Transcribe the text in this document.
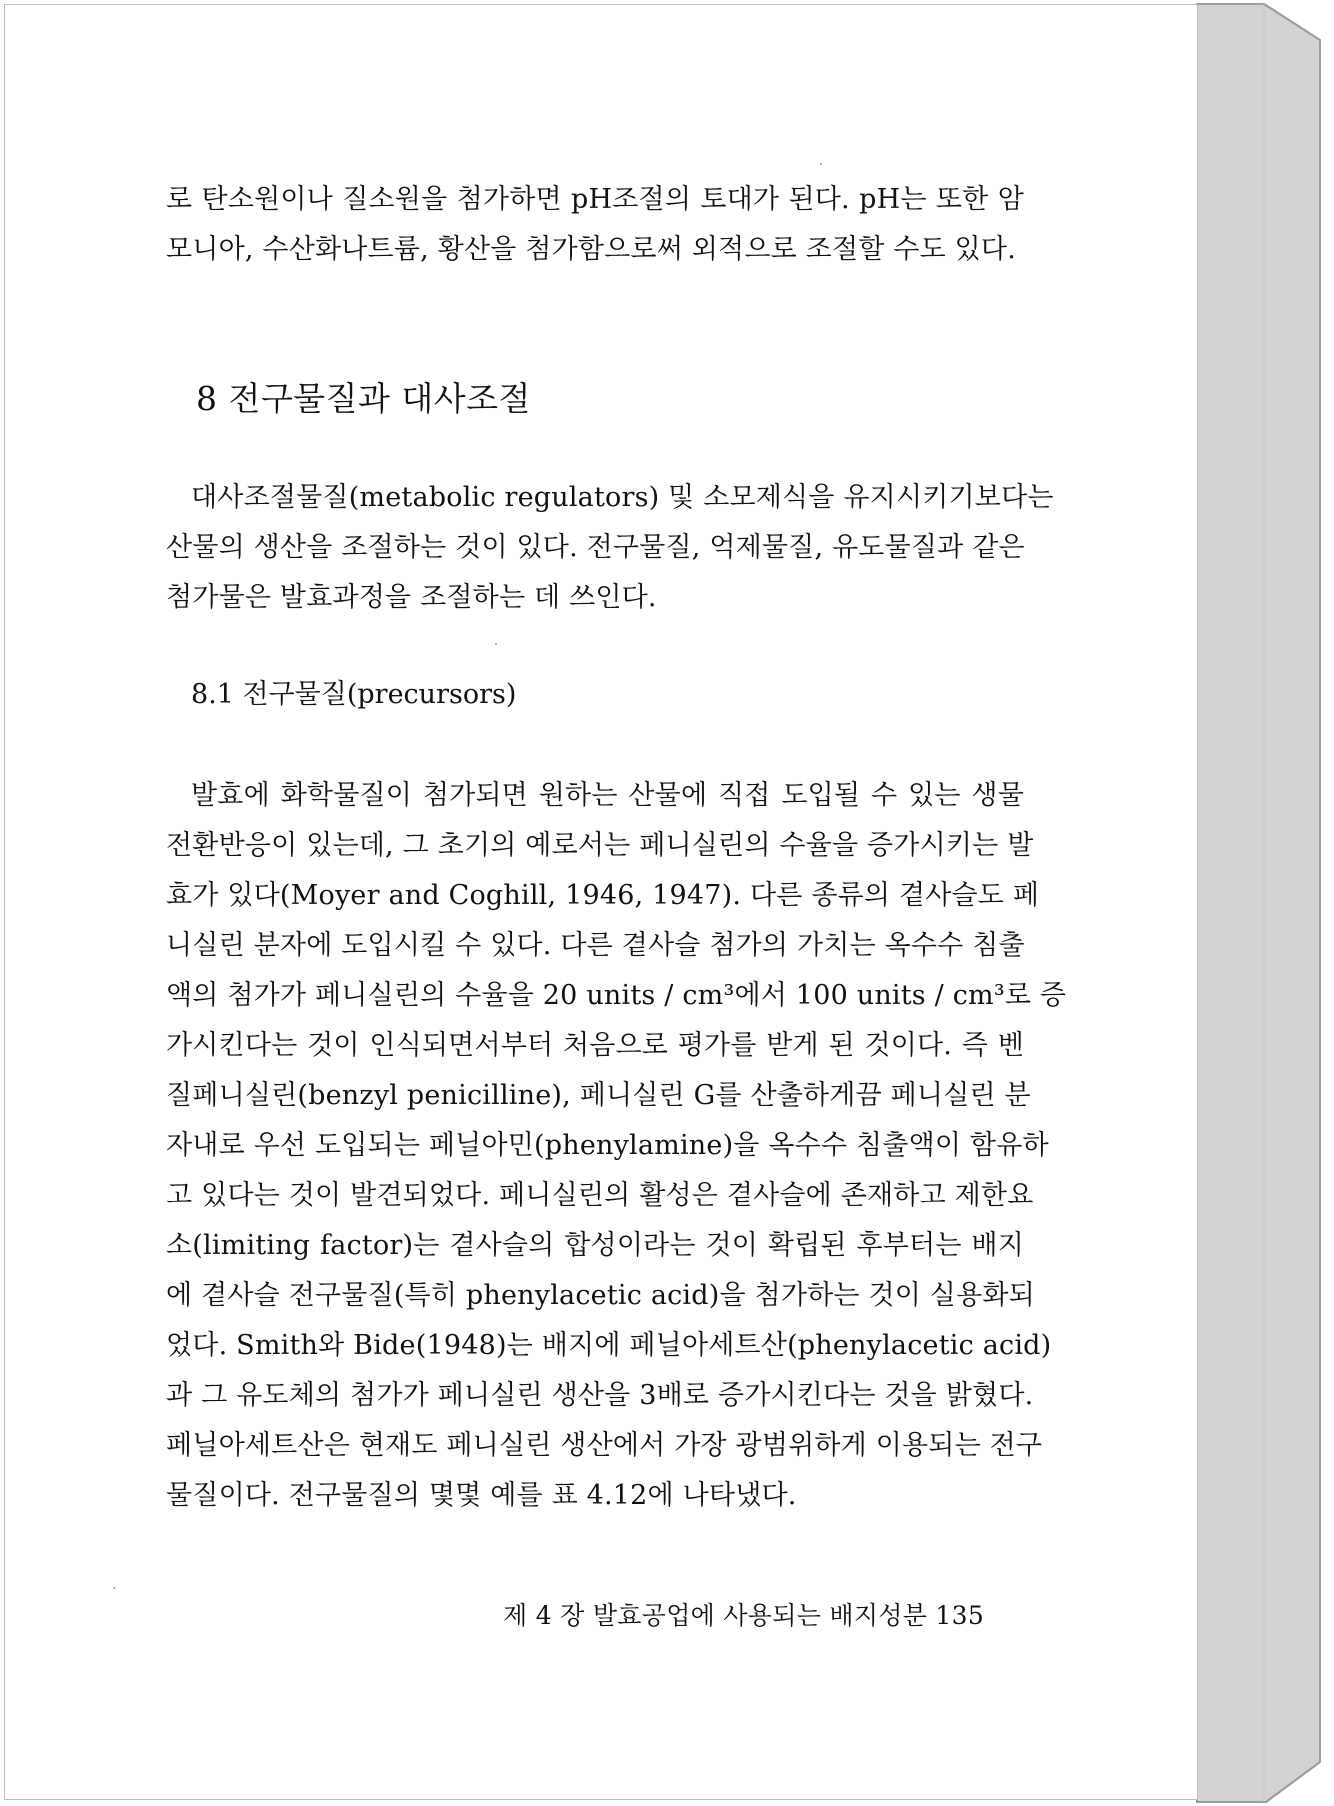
로 탄소원이나 질소원을 첨가하면 pH조절의 토대가 된다. pH는 또한 암
모니아, 수산화나트륨, 황산을 첨가함으로써 외적으로 조절할 수도 있다.
8 전구물질과 대사조절
대사조절물질(metabolic regulators) 및 소모제식을 유지시키기보다는
산물의 생산을 조절하는 것이 있다. 전구물질, 억제물질, 유도물질과 같은
첨가물은 발효과정을 조절하는 데 쓰인다.
8.1 전구물질(precursors)
발효에 화학물질이 첨가되면 원하는 산물에 직접 도입될 수 있는 생물
전환반응이 있는데, 그 초기의 예로서는 페니실린의 수율을 증가시키는 발
효가 있다(Moyer and Coghill, 1946, 1947). 다른 종류의 곁사슬도 페
니실린 분자에 도입시킬 수 있다. 다른 곁사슬 첨가의 가치는 옥수수 침출
액의 첨가가 페니실린의 수율을 20 units / cm³에서 100 units / cm³로 증
가시킨다는 것이 인식되면서부터 처음으로 평가를 받게 된 것이다. 즉 벤
질페니실린(benzyl penicilline), 페니실린 G를 산출하게끔 페니실린 분
자내로 우선 도입되는 페닐아민(phenylamine)을 옥수수 침출액이 함유하
고 있다는 것이 발견되었다. 페니실린의 활성은 곁사슬에 존재하고 제한요
소(limiting factor)는 곁사슬의 합성이라는 것이 확립된 후부터는 배지
에 곁사슬 전구물질(특히 phenylacetic acid)을 첨가하는 것이 실용화되
었다. Smith와 Bide(1948)는 배지에 페닐아세트산(phenylacetic acid)
과 그 유도체의 첨가가 페니실린 생산을 3배로 증가시킨다는 것을 밝혔다.
페닐아세트산은 현재도 페니실린 생산에서 가장 광범위하게 이용되는 전구
물질이다. 전구물질의 몇몇 예를 표 4.12에 나타냈다.
제 4 장 발효공업에 사용되는 배지성분 135
